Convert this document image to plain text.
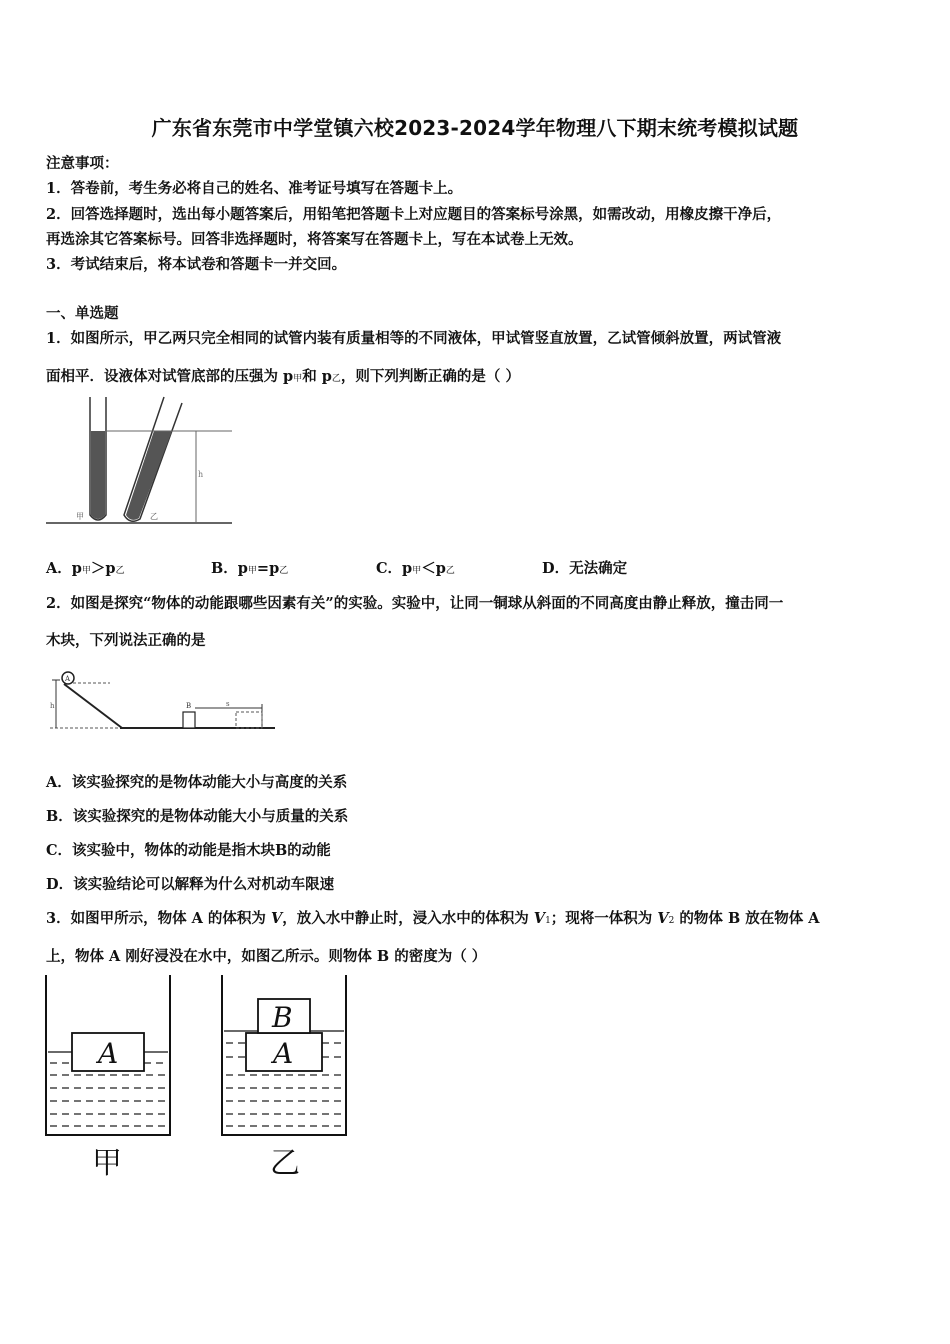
广东省东莞市中学堂镇六校2023-2024学年物理八下期末统考模拟试题
注意事项：
1．答卷前，考生务必将自己的姓名、准考证号填写在答题卡上。
2．回答选择题时，选出每小题答案后，用铅笔把答题卡上对应题目的答案标号涂黑，如需改动，用橡皮擦干净后，
再选涂其它答案标号。回答非选择题时，将答案写在答题卡上，写在本试卷上无效。
3．考试结束后，将本试卷和答题卡一并交回。
一、单选题
1．如图所示，甲乙两只完全相同的试管内装有质量相等的不同液体，甲试管竖直放置，乙试管倾斜放置，两试管液
面相平．设液体对试管底部的压强为 p甲和 p乙，则下列判断正确的是（ ）
h
甲	乙
A．p甲＞p乙	B．p甲=p乙	C．p甲＜p乙	D．无法确定
2．如图是探究“物体的动能跟哪些因素有关”的实验。实验中，让同一铜球从斜面的不同高度由静止释放，撞击同一
木块，下列说法正确的是
A
h	B	s
A．该实验探究的是物体动能大小与高度的关系
B．该实验探究的是物体动能大小与质量的关系
C．该实验中，物体的动能是指木块B的动能
D．该实验结论可以解释为什么对机动车限速
3．如图甲所示，物体 A 的体积为 V，放入水中静止时，浸入水中的体积为 V1；现将一体积为 V2 的物体 B 放在物体 A
上，物体 A 刚好浸没在水中，如图乙所示。则物体 B 的密度为（ ）
A
甲
A
B
乙
